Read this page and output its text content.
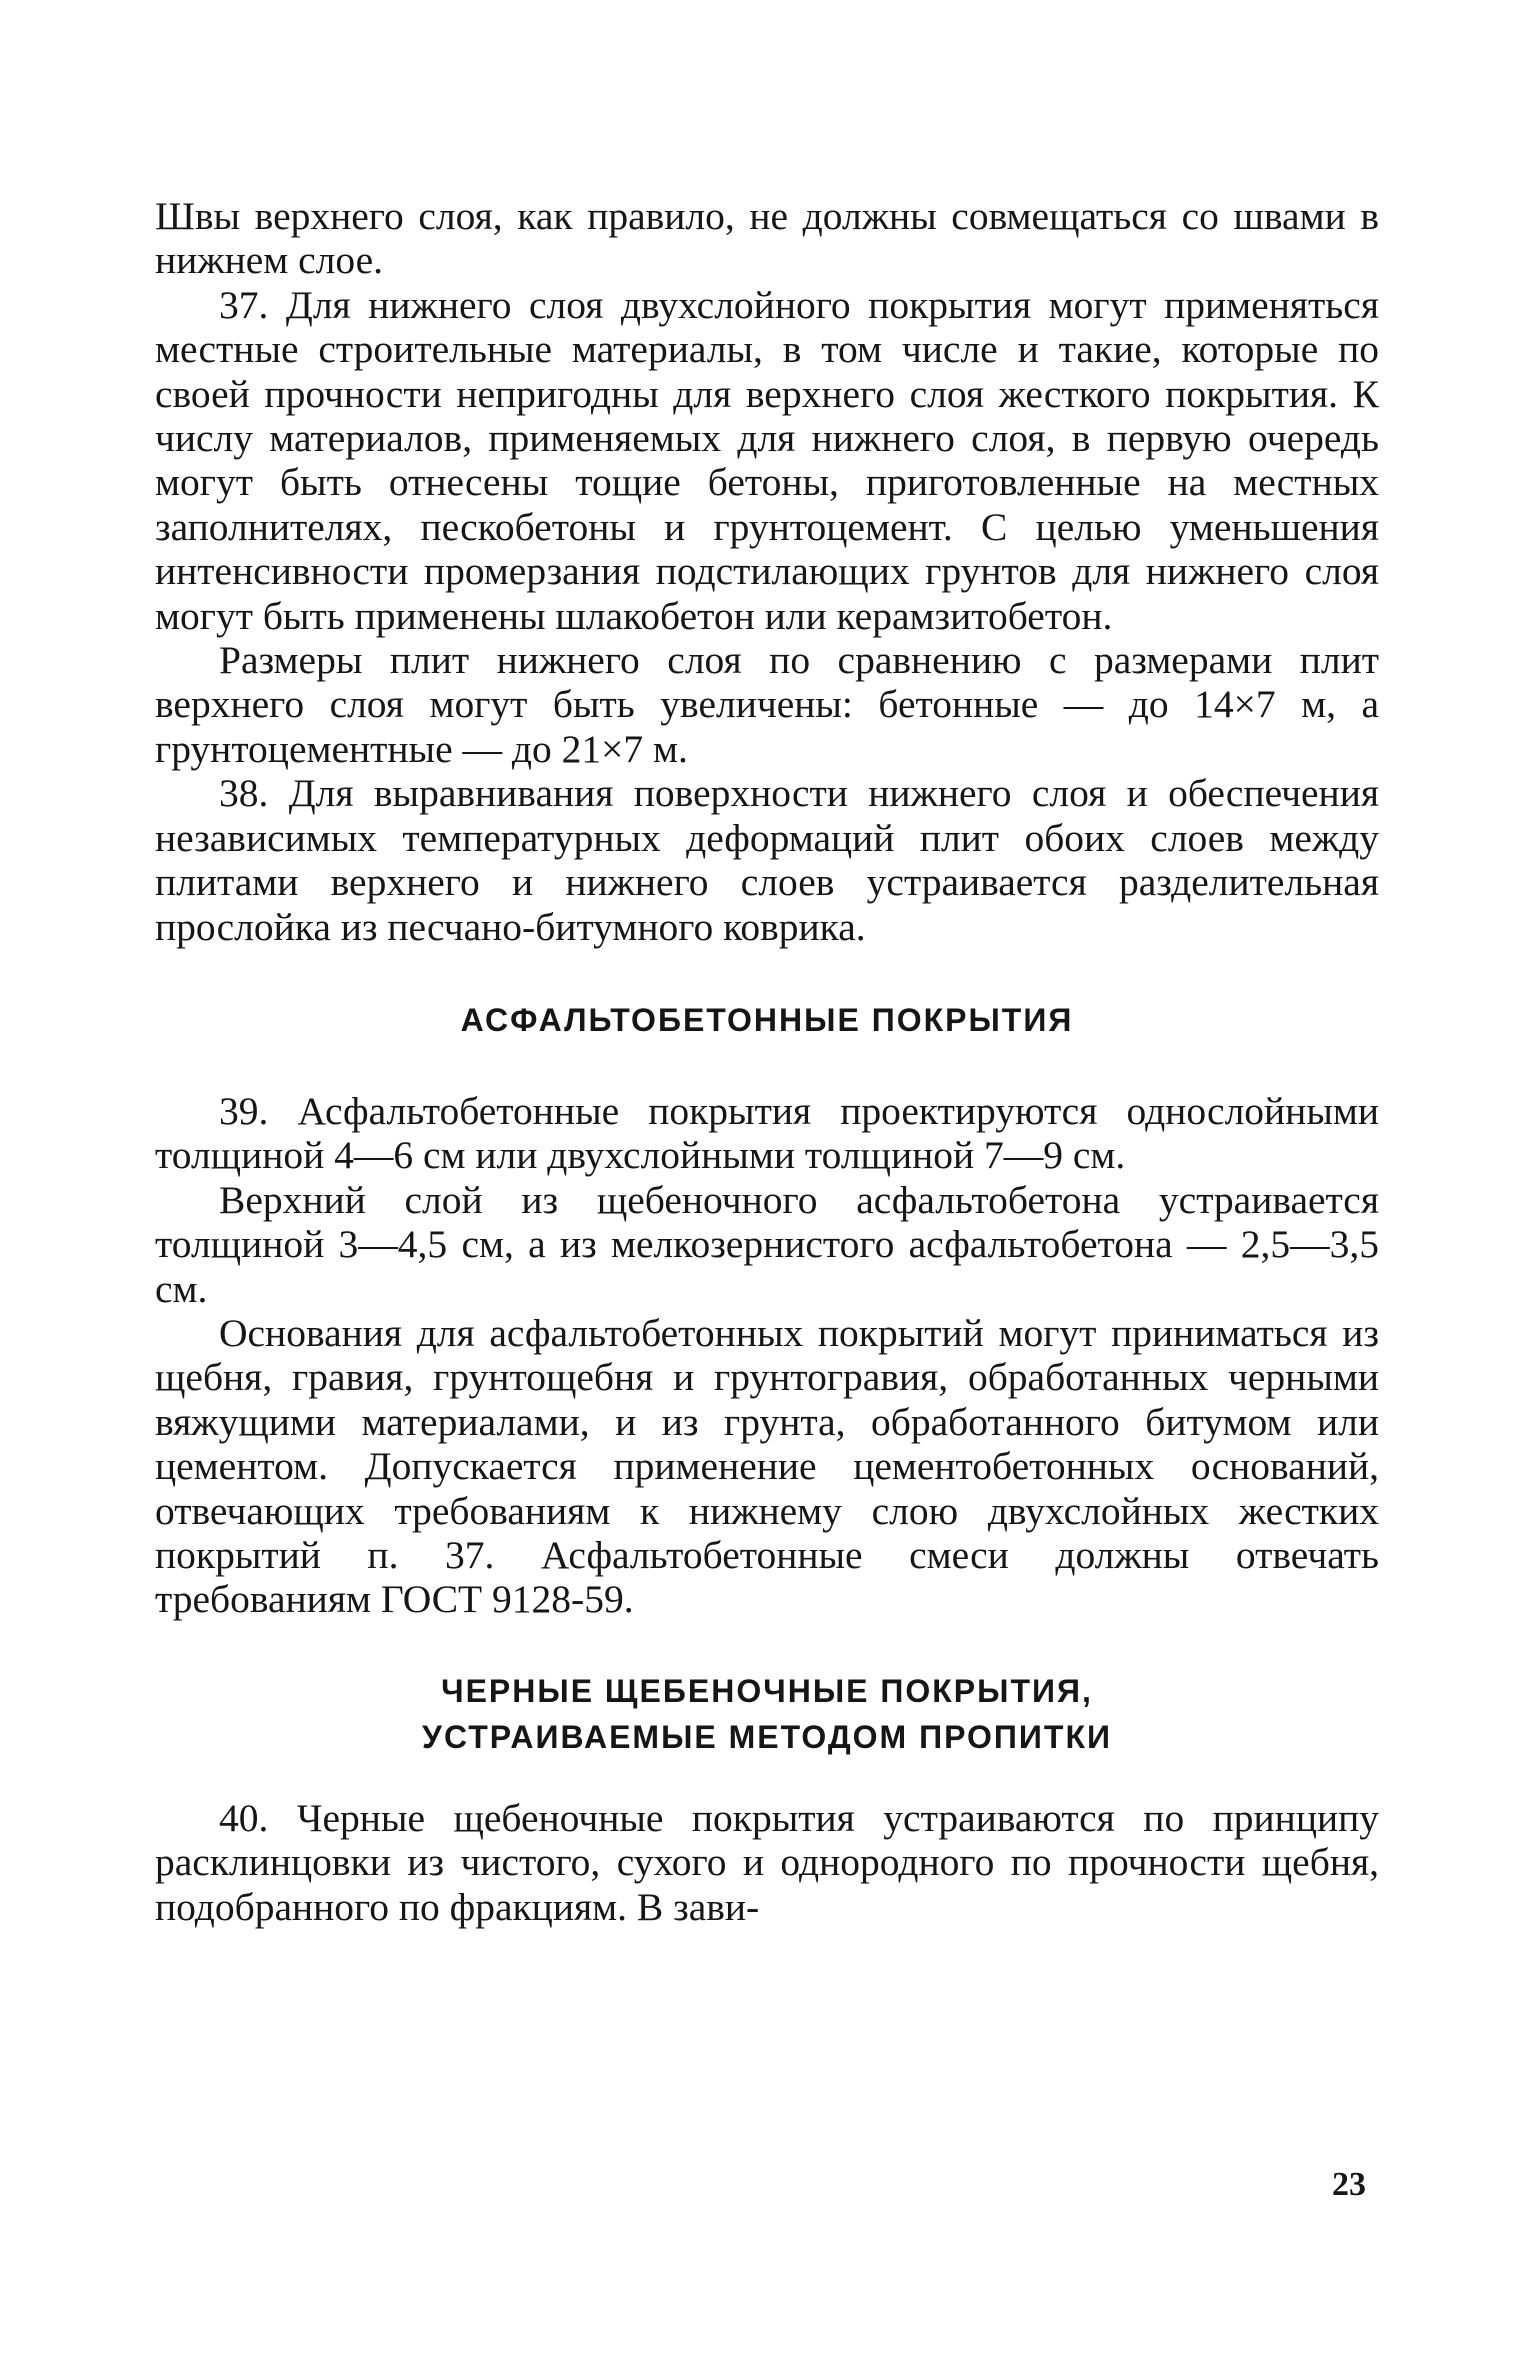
Швы верхнего слоя, как правило, не должны совмещаться со швами в нижнем слое.

37. Для нижнего слоя двухслойного покрытия могут применяться местные строительные материалы, в том числе и такие, которые по своей прочности непригодны для верхнего слоя жесткого покрытия. К числу материалов, применяемых для нижнего слоя, в первую очередь могут быть отнесены тощие бетоны, приготовленные на местных заполнителях, пескобетоны и грунтоцемент. С целью уменьшения интенсивности промерзания подстилающих грунтов для нижнего слоя могут быть применены шлакобетон или керамзитобетон.

Размеры плит нижнего слоя по сравнению с размерами плит верхнего слоя могут быть увеличены: бетонные — до 14×7 м, а грунтоцементные — до 21×7 м.

38. Для выравнивания поверхности нижнего слоя и обеспечения независимых температурных деформаций плит обоих слоев между плитами верхнего и нижнего слоев устраивается разделительная прослойка из песчано-битумного коврика.

АСФАЛЬТОБЕТОННЫЕ ПОКРЫТИЯ

39. Асфальтобетонные покрытия проектируются однослойными толщиной 4—6 см или двухслойными толщиной 7—9 см.

Верхний слой из щебеночного асфальтобетона устраивается толщиной 3—4,5 см, а из мелкозернистого асфальтобетона — 2,5—3,5 см.

Основания для асфальтобетонных покрытий могут приниматься из щебня, гравия, грунтощебня и грунтогравия, обработанных черными вяжущими материалами, и из грунта, обработанного битумом или цементом. Допускается применение цементобетонных оснований, отвечающих требованиям к нижнему слою двухслойных жестких покрытий п. 37. Асфальтобетонные смеси должны отвечать требованиям ГОСТ 9128-59.

ЧЕРНЫЕ ЩЕБЕНОЧНЫЕ ПОКРЫТИЯ,
УСТРАИВАЕМЫЕ МЕТОДОМ ПРОПИТКИ

40. Черные щебеночные покрытия устраиваются по принципу расклинцовки из чистого, сухого и однородного по прочности щебня, подобранного по фракциям. В зави-

23
